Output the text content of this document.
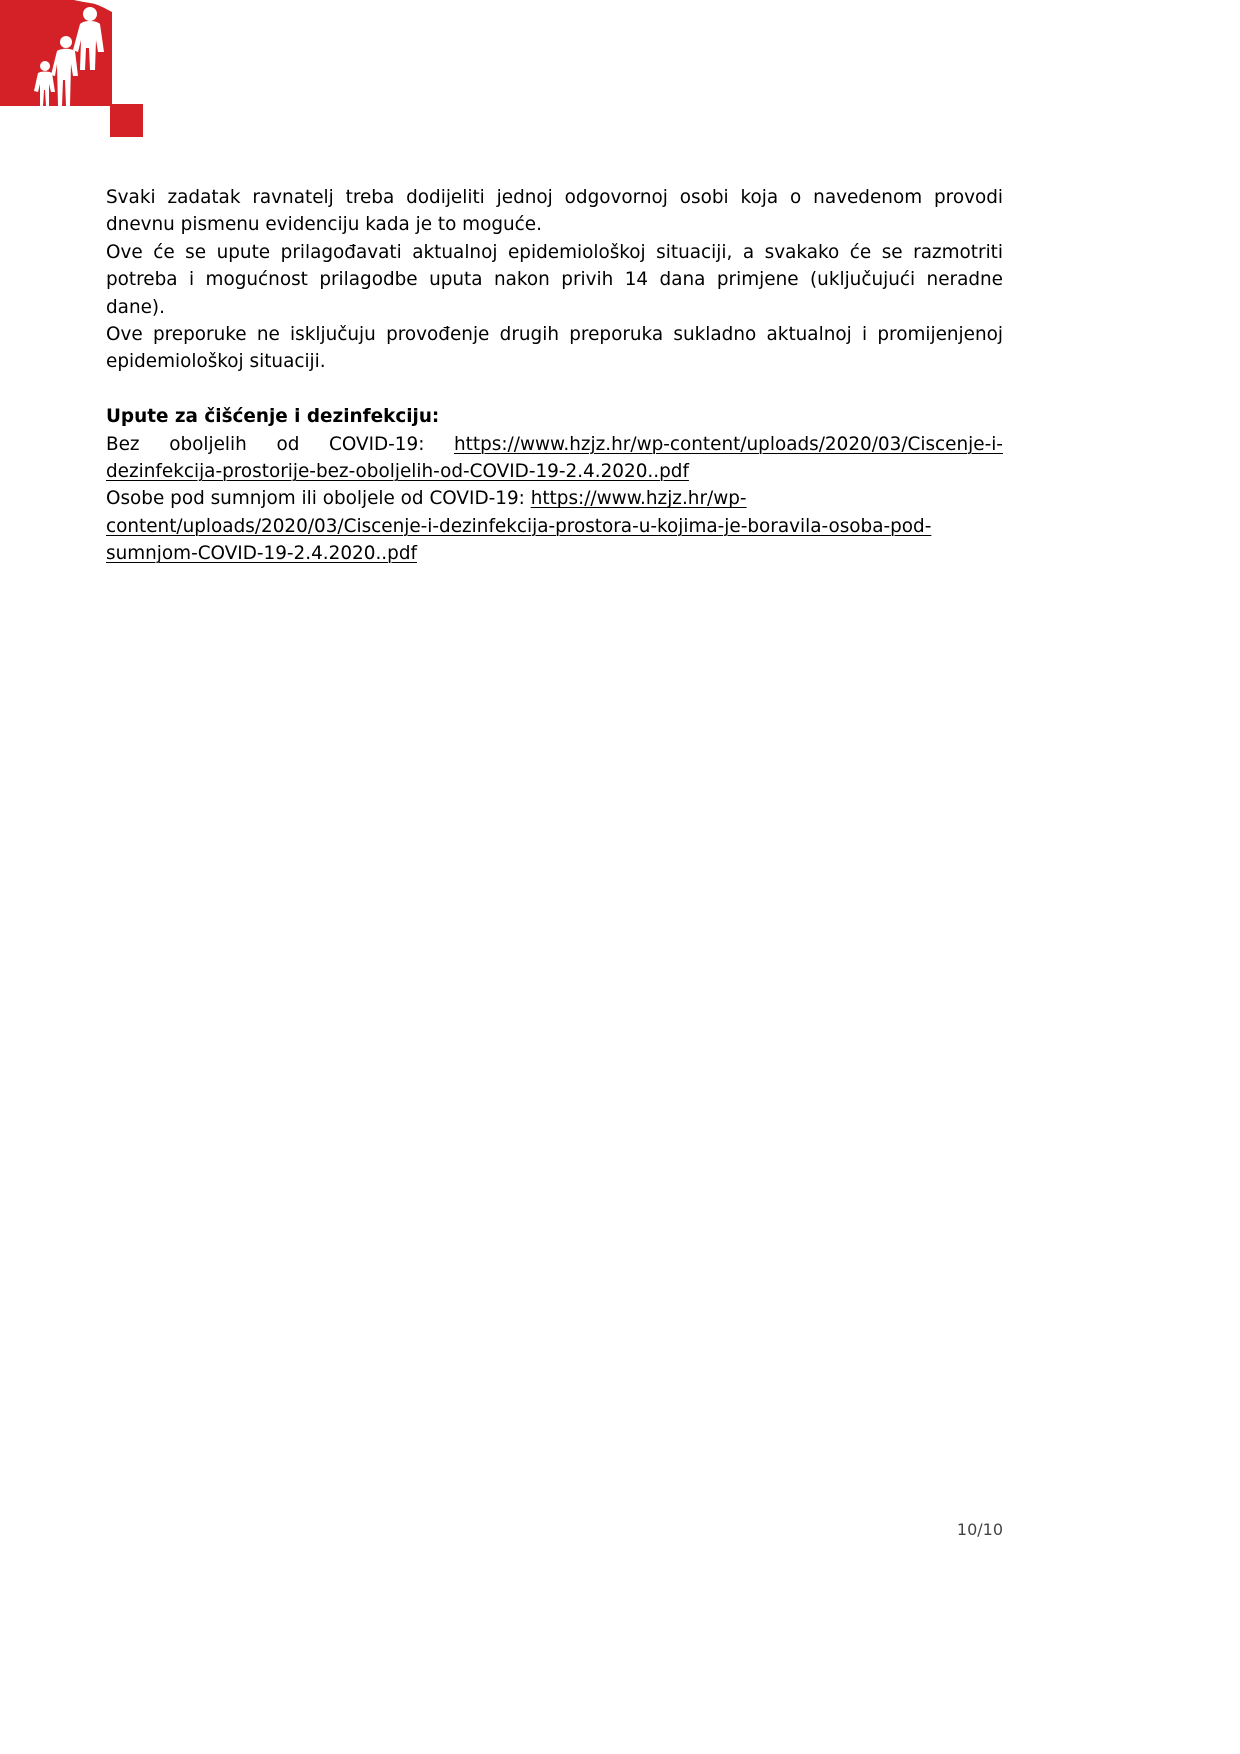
Svaki zadatak ravnatelj treba dodijeliti jednoj odgovornoj osobi koja o navedenom provodi dnevnu pismenu evidenciju kada je to moguće.

Ove će se upute prilagođavati aktualnoj epidemiološkoj situaciji, a svakako će se razmotriti potreba i mogućnost prilagodbe uputa nakon privih 14 dana primjene (uključujući neradne dane).

Ove preporuke ne isključuju provođenje drugih preporuka sukladno aktualnoj i promijenjenoj epidemiološkoj situaciji.

Upute za čišćenje i dezinfekciju:

Bez oboljelih od COVID-19: https://www.hzjz.hr/wp-content/uploads/2020/03/Ciscenje-i-
dezinfekcija-prostorije-bez-oboljelih-od-COVID-19-2.4.2020..pdf
Osobe pod sumnjom ili oboljele od COVID-19: https://www.hzjz.hr/wp-
content/uploads/2020/03/Ciscenje-i-dezinfekcija-prostora-u-kojima-je-boravila-osoba-pod-
sumnjom-COVID-19-2.4.2020..pdf
10/10
